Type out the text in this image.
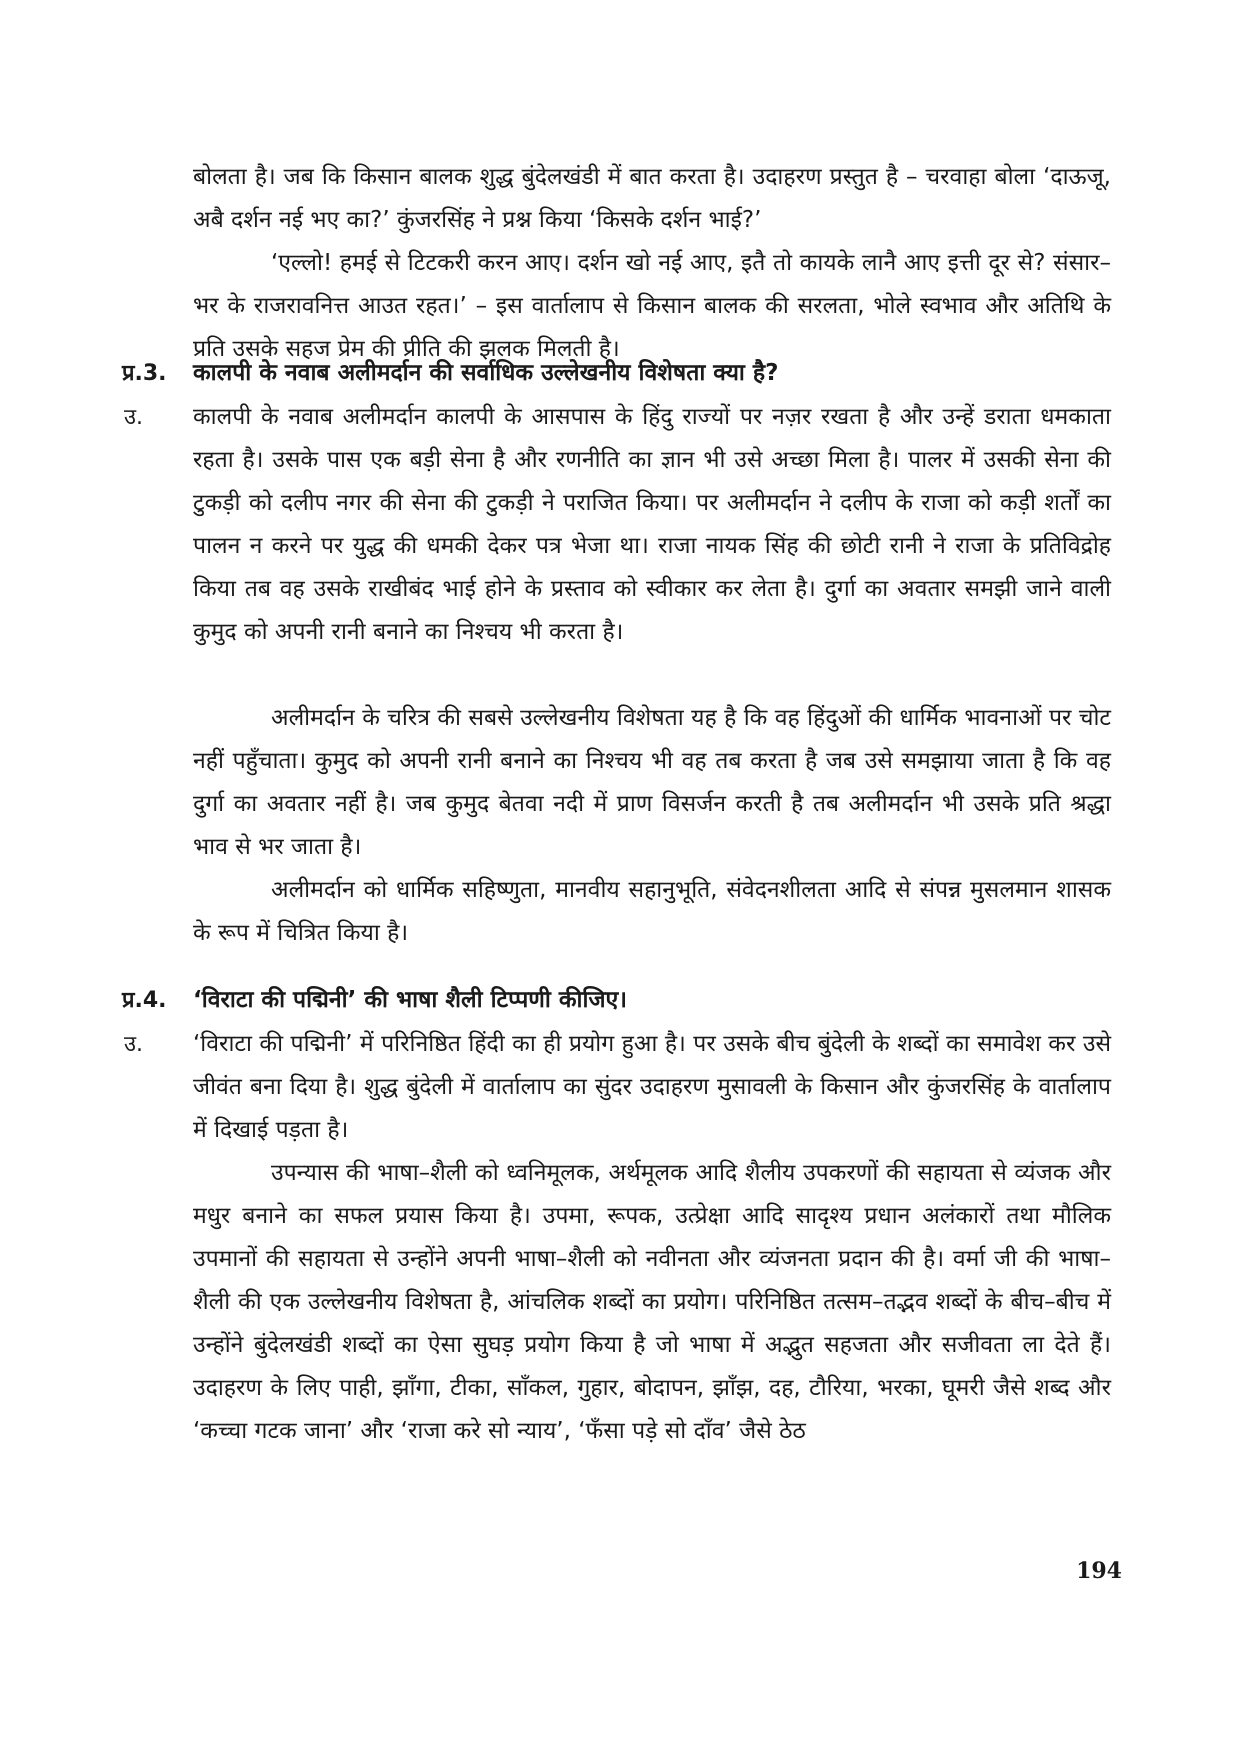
बोलता है। जब कि किसान बालक शुद्ध बुंदेलखंडी में बात करता है। उदाहरण प्रस्तुत है – चरवाहा बोला ‘दाऊजू, अबै दर्शन नई भए का?’ कुंजरसिंह ने प्रश्न किया ‘किसके दर्शन भाई?’

‘एल्लो! हमई से टिटकरी करन आए। दर्शन खो नई आए, इतै तो कायके लानै आए इत्ती दूर से? संसार–भर के राजरावनित्त आउत रहत।’ – इस वार्तालाप से किसान बालक की सरलता, भोले स्वभाव और अतिथि के प्रति उसके सहज प्रेम की प्रीति की झलक मिलती है।

प्र.3. कालपी के नवाब अलीमर्दान की सर्वाधिक उल्लेखनीय विशेषता क्या है?
उ. कालपी के नवाब अलीमर्दान कालपी के आसपास के हिंदु राज्यों पर नज़र रखता है और उन्हें डराता धमकाता रहता है। उसके पास एक बड़ी सेना है और रणनीति का ज्ञान भी उसे अच्छा मिला है। पालर में उसकी सेना की टुकड़ी को दलीप नगर की सेना की टुकड़ी ने पराजित किया। पर अलीमर्दान ने दलीप के राजा को कड़ी शर्तों का पालन न करने पर युद्ध की धमकी देकर पत्र भेजा था। राजा नायक सिंह की छोटी रानी ने राजा के प्रतिविद्रोह किया तब वह उसके राखीबंद भाई होने के प्रस्ताव को स्वीकार कर लेता है। दुर्गा का अवतार समझी जाने वाली कुमुद को अपनी रानी बनाने का निश्चय भी करता है।

अलीमर्दान के चरित्र की सबसे उल्लेखनीय विशेषता यह है कि वह हिंदुओं की धार्मिक भावनाओं पर चोट नहीं पहुँचाता। कुमुद को अपनी रानी बनाने का निश्चय भी वह तब करता है जब उसे समझाया जाता है कि वह दुर्गा का अवतार नहीं है। जब कुमुद बेतवा नदी में प्राण विसर्जन करती है तब अलीमर्दान भी उसके प्रति श्रद्धा भाव से भर जाता है।

अलीमर्दान को धार्मिक सहिष्णुता, मानवीय सहानुभूति, संवेदनशीलता आदि से संपन्न मुसलमान शासक के रूप में चित्रित किया है।

प्र.4. ‘विराटा की पद्मिनी’ की भाषा शैली टिप्पणी कीजिए।
उ. ‘विराटा की पद्मिनी’ में परिनिष्ठित हिंदी का ही प्रयोग हुआ है। पर उसके बीच बुंदेली के शब्दों का समावेश कर उसे जीवंत बना दिया है। शुद्ध बुंदेली में वार्तालाप का सुंदर उदाहरण मुसावली के किसान और कुंजरसिंह के वार्तालाप में दिखाई पड़ता है।

उपन्यास की भाषा–शैली को ध्वनिमूलक, अर्थमूलक आदि शैलीय उपकरणों की सहायता से व्यंजक और मधुर बनाने का सफल प्रयास किया है। उपमा, रूपक, उत्प्रेक्षा आदि सादृश्य प्रधान अलंकारों तथा मौलिक उपमानों की सहायता से उन्होंने अपनी भाषा–शैली को नवीनता और व्यंजनता प्रदान की है। वर्मा जी की भाषा–शैली की एक उल्लेखनीय विशेषता है, आंचलिक शब्दों का प्रयोग। परिनिष्ठित तत्सम–तद्भव शब्दों के बीच–बीच में उन्होंने बुंदेलखंडी शब्दों का ऐसा सुघड़ प्रयोग किया है जो भाषा में अद्भुत सहजता और सजीवता ला देते हैं। उदाहरण के लिए पाही, झाँगा, टीका, साँकल, गुहार, बोदापन, झाँझ, दह, टौरिया, भरका, घूमरी जैसे शब्द और ‘कच्चा गटक जाना’ और ‘राजा करे सो न्याय’, ‘फँसा पड़े सो दाँव’ जैसे ठेठ

194
